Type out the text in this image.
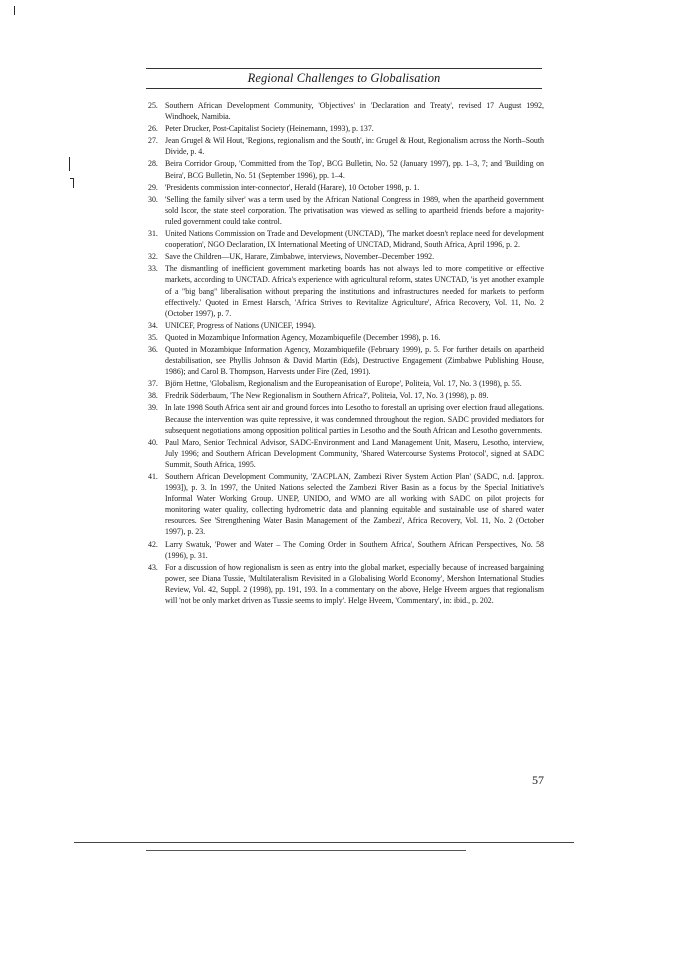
Regional Challenges to Globalisation
25. Southern African Development Community, 'Objectives' in 'Declaration and Treaty', revised 17 August 1992, Windhoek, Namibia.
26. Peter Drucker, Post-Capitalist Society (Heinemann, 1993), p. 137.
27. Jean Grugel & Wil Hout, 'Regions, regionalism and the South', in: Grugel & Hout, Regionalism across the North–South Divide, p. 4.
28. Beira Corridor Group, 'Committed from the Top', BCG Bulletin, No. 52 (January 1997), pp. 1–3, 7; and 'Building on Beira', BCG Bulletin, No. 51 (September 1996), pp. 1–4.
29. 'Presidents commission inter-connector', Herald (Harare), 10 October 1998, p. 1.
30. 'Selling the family silver' was a term used by the African National Congress in 1989, when the apartheid government sold Iscor, the state steel corporation. The privatisation was viewed as selling to apartheid friends before a majority-ruled government could take control.
31. United Nations Commission on Trade and Development (UNCTAD), 'The market doesn't replace need for development cooperation', NGO Declaration, IX International Meeting of UNCTAD, Midrand, South Africa, April 1996, p. 2.
32. Save the Children—UK, Harare, Zimbabwe, interviews, November–December 1992.
33. The dismantling of inefficient government marketing boards has not always led to more competitive or effective markets, according to UNCTAD. Africa's experience with agricultural reform, states UNCTAD, 'is yet another example of a "big bang" liberalisation without preparing the institutions and infrastructures needed for markets to perform effectively.' Quoted in Ernest Harsch, 'Africa Strives to Revitalize Agriculture', Africa Recovery, Vol. 11, No. 2 (October 1997), p. 7.
34. UNICEF, Progress of Nations (UNICEF, 1994).
35. Quoted in Mozambique Information Agency, Mozambiquefile (December 1998), p. 16.
36. Quoted in Mozambique Information Agency, Mozambiquefile (February 1999), p. 5. For further details on apartheid destabilisation, see Phyllis Johnson & David Martin (Eds), Destructive Engagement (Zimbabwe Publishing House, 1986); and Carol B. Thompson, Harvests under Fire (Zed, 1991).
37. Björn Hettne, 'Globalism, Regionalism and the Europeanisation of Europe', Politeia, Vol. 17, No. 3 (1998), p. 55.
38. Fredrik Söderbaum, 'The New Regionalism in Southern Africa?', Politeia, Vol. 17, No. 3 (1998), p. 89.
39. In late 1998 South Africa sent air and ground forces into Lesotho to forestall an uprising over election fraud allegations. Because the intervention was quite repressive, it was condemned throughout the region. SADC provided mediators for subsequent negotiations among opposition political parties in Lesotho and the South African and Lesotho governments.
40. Paul Maro, Senior Technical Advisor, SADC-Environment and Land Management Unit, Maseru, Lesotho, interview, July 1996; and Southern African Development Community, 'Shared Watercourse Systems Protocol', signed at SADC Summit, South Africa, 1995.
41. Southern African Development Community, 'ZACPLAN, Zambezi River System Action Plan' (SADC, n.d. [approx. 1993]), p. 3. In 1997, the United Nations selected the Zambezi River Basin as a focus by the Special Initiative's Informal Water Working Group. UNEP, UNIDO, and WMO are all working with SADC on pilot projects for monitoring water quality, collecting hydrometric data and planning equitable and sustainable use of shared water resources. See 'Strengthening Water Basin Management of the Zambezi', Africa Recovery, Vol. 11, No. 2 (October 1997), p. 23.
42. Larry Swatuk, 'Power and Water – The Coming Order in Southern Africa', Southern African Perspectives, No. 58 (1996), p. 31.
43. For a discussion of how regionalism is seen as entry into the global market, especially because of increased bargaining power, see Diana Tussie, 'Multilateralism Revisited in a Globalising World Economy', Mershon International Studies Review, Vol. 42, Suppl. 2 (1998), pp. 191, 193. In a commentary on the above, Helge Hveem argues that regionalism will 'not be only market driven as Tussie seems to imply'. Helge Hveem, 'Commentary', in: ibid., p. 202.
57
